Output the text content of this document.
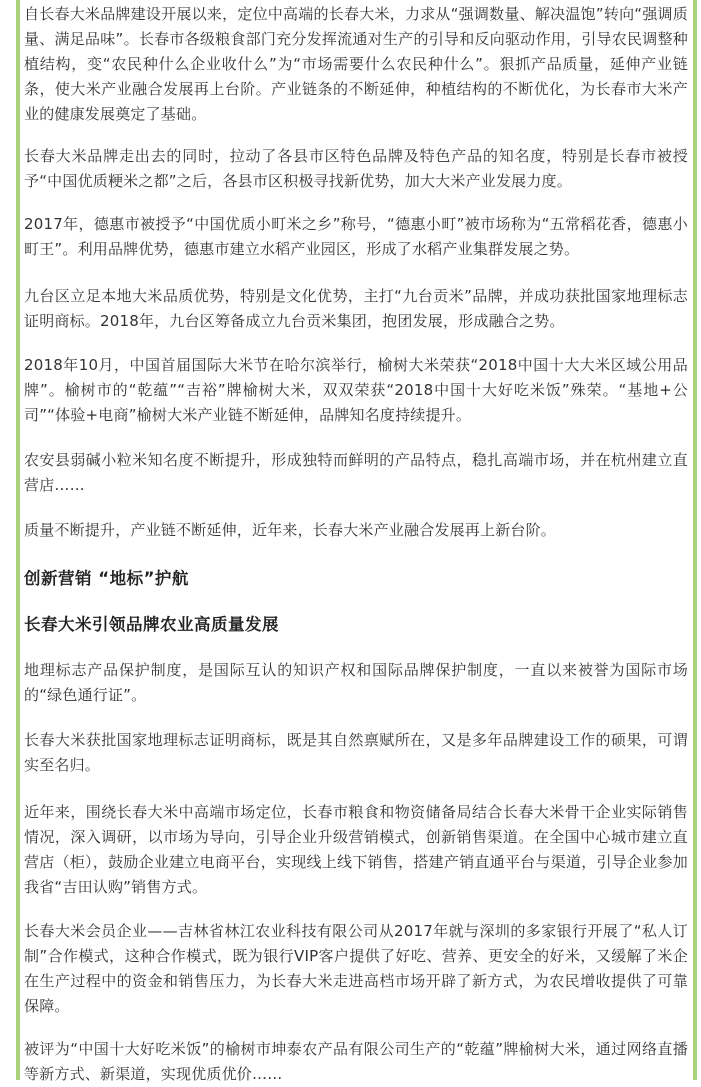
自长春大米品牌建设开展以来，定位中高端的长春大米，力求从“强调数量、解决温饱”转向“强调质量、满足品味”。长春市各级粮食部门充分发挥流通对生产的引导和反向驱动作用，引导农民调整种植结构，变“农民种什么企业收什么”为“市场需要什么农民种什么”。狠抓产品质量，延伸产业链条，使大米产业融合发展再上台阶。产业链条的不断延伸，种植结构的不断优化，为长春市大米产业的健康发展奠定了基础。

长春大米品牌走出去的同时，拉动了各县市区特色品牌及特色产品的知名度，特别是长春市被授予“中国优质粳米之都”之后，各县市区积极寻找新优势，加大大米产业发展力度。

2017年，德惠市被授予“中国优质小町米之乡”称号，“德惠小町”被市场称为“五常稻花香，德惠小町王”。利用品牌优势，德惠市建立水稻产业园区，形成了水稻产业集群发展之势。

九台区立足本地大米品质优势，特别是文化优势，主打“九台贡米”品牌，并成功获批国家地理标志证明商标。2018年，九台区筹备成立九台贡米集团，抱团发展，形成融合之势。

2018年10月，中国首届国际大米节在哈尔滨举行，榆树大米荣获“2018中国十大大米区域公用品牌”。榆树市的“乾蕴”“吉裕”牌榆树大米，双双荣获“2018中国十大好吃米饭”殊荣。“基地+公司”“体验+电商”榆树大米产业链不断延伸，品牌知名度持续提升。

农安县弱碱小粒米知名度不断提升，形成独特而鲜明的产品特点，稳扎高端市场，并在杭州建立直营店……

质量不断提升，产业链不断延伸，近年来，长春大米产业融合发展再上新台阶。

创新营销 “地标”护航
长春大米引领品牌农业高质量发展

地理标志产品保护制度，是国际互认的知识产权和国际品牌保护制度，一直以来被誉为国际市场的“绿色通行证”。

长春大米获批国家地理标志证明商标，既是其自然禀赋所在，又是多年品牌建设工作的硕果，可谓实至名归。

近年来，围绕长春大米中高端市场定位，长春市粮食和物资储备局结合长春大米骨干企业实际销售情况，深入调研，以市场为导向，引导企业升级营销模式，创新销售渠道。在全国中心城市建立直营店（柜），鼓励企业建立电商平台，实现线上线下销售，搭建产销直通平台与渠道，引导企业参加我省“吉田认购”销售方式。

长春大米会员企业——吉林省林江农业科技有限公司从2017年就与深圳的多家银行开展了“私人订制”合作模式，这种合作模式，既为银行VIP客户提供了好吃、营养、更安全的好米，又缓解了米企在生产过程中的资金和销售压力，为长春大米走进高档市场开辟了新方式，为农民增收提供了可靠保障。

被评为“中国十大好吃米饭”的榆树市坤泰农产品有限公司生产的“乾蕴”牌榆树大米，通过网络直播等新方式、新渠道，实现优质优价……
